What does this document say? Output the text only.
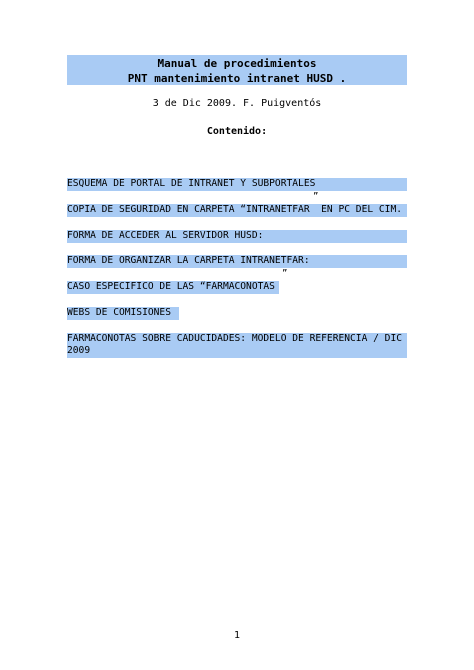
Manual de procedimientos
PNT mantenimiento intranet HUSD .
3 de Dic 2009. F. Puigventós
Contenido:
ESQUEMA DE PORTAL DE INTRANET Y SUBPORTALES
”
COPIA DE SEGURIDAD EN CARPETA “INTRANETFAR  EN PC DEL CIM.
FORMA DE ACCEDER AL SERVIDOR HUSD:
FORMA DE ORGANIZAR LA CARPETA INTRANETFAR:
”
CASO ESPECIFICO DE LAS “FARMACONOTAS
WEBS DE COMISIONES
FARMACONOTAS SOBRE CADUCIDADES: MODELO DE REFERENCIA / DIC 2009
1
